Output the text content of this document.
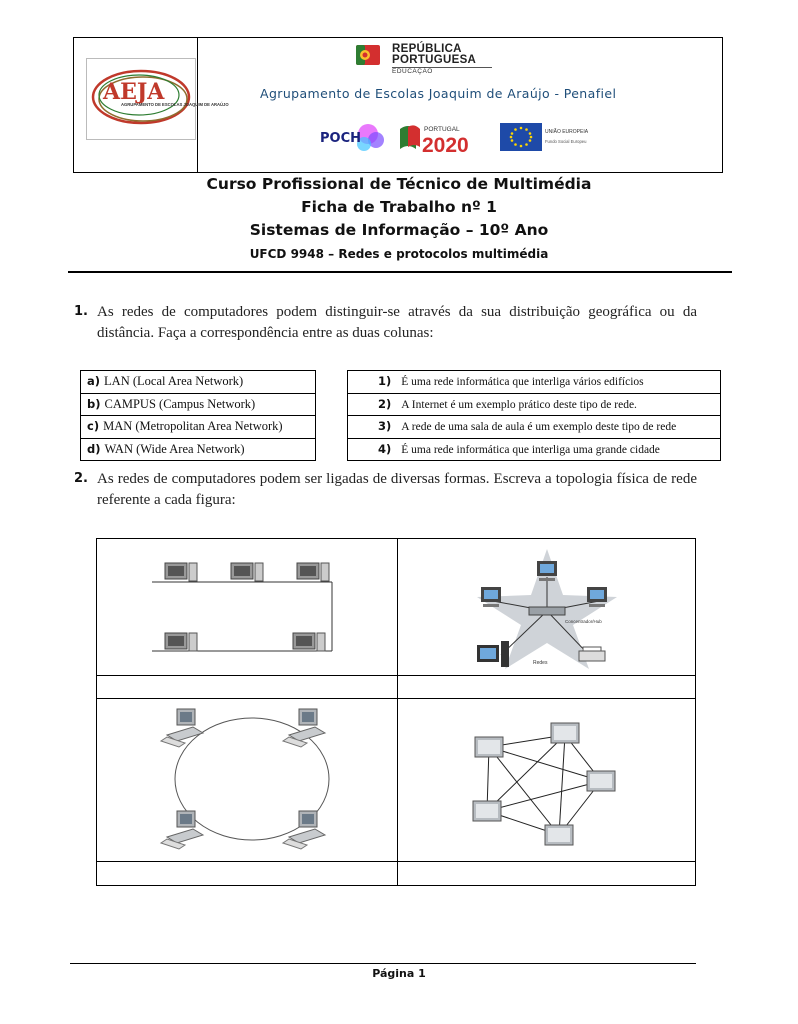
AEJA
AGRUPAMENTO DE ESCOLAS JOAQUIM DE ARAÚJO
REPÚBLICA
PORTUGUESA
EDUCAÇÃO
Agrupamento de Escolas Joaquim de Araújo - Penafiel
POCH
PORTUGAL
2020
UNIÃO EUROPEIA
Fundo Social Europeu
Curso Profissional de Técnico de Multimédia
Ficha de Trabalho nº 1
Sistemas de Informação – 10º Ano
UFCD 9948 – Redes e protocolos multimédia
1. As redes de computadores podem distinguir-se através da sua distribuição geográfica ou da distância. Faça a correspondência entre as duas colunas:
a) LAN (Local Area Network)
b) CAMPUS (Campus Network)
c) MAN (Metropolitan Area Network)
d) WAN (Wide Area Network)
1) É uma rede informática que interliga vários edifícios
2) A Internet é um exemplo prático deste tipo de rede.
3) A rede de uma sala de aula é um exemplo deste tipo de rede
4) É uma rede informática que interliga uma grande cidade
2. As redes de computadores podem ser ligadas de diversas formas. Escreva a topologia física de rede referente a cada figura:
Concentrador/Hub
Redes
Página 1
